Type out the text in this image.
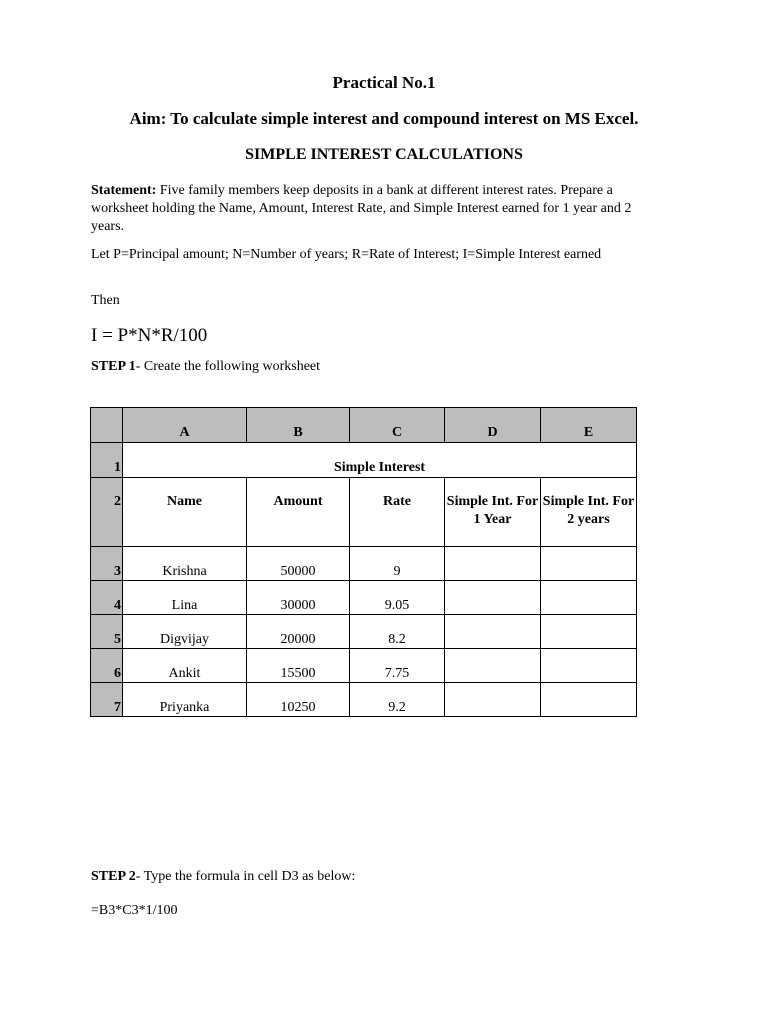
Practical No.1
Aim: To calculate simple interest and compound interest on MS Excel.
SIMPLE INTEREST CALCULATIONS
Statement: Five family members keep deposits in a bank at different interest rates. Prepare a worksheet holding the Name, Amount, Interest Rate, and Simple Interest earned for 1 year and 2 years.
Let P=Principal amount; N=Number of years; R=Rate of Interest; I=Simple Interest earned
Then
I = P*N*R/100
STEP 1- Create the following worksheet
	A	B	C	D	E
1	Simple Interest				
2	Name	Amount	Rate	Simple Int. For 1 Year	Simple Int. For 2 years
3	Krishna	50000	9		
4	Lina	30000	9.05		
5	Digvijay	20000	8.2		
6	Ankit	15500	7.75		
7	Priyanka	10250	9.2		
STEP 2- Type the formula in cell D3 as below:
=B3*C3*1/100
